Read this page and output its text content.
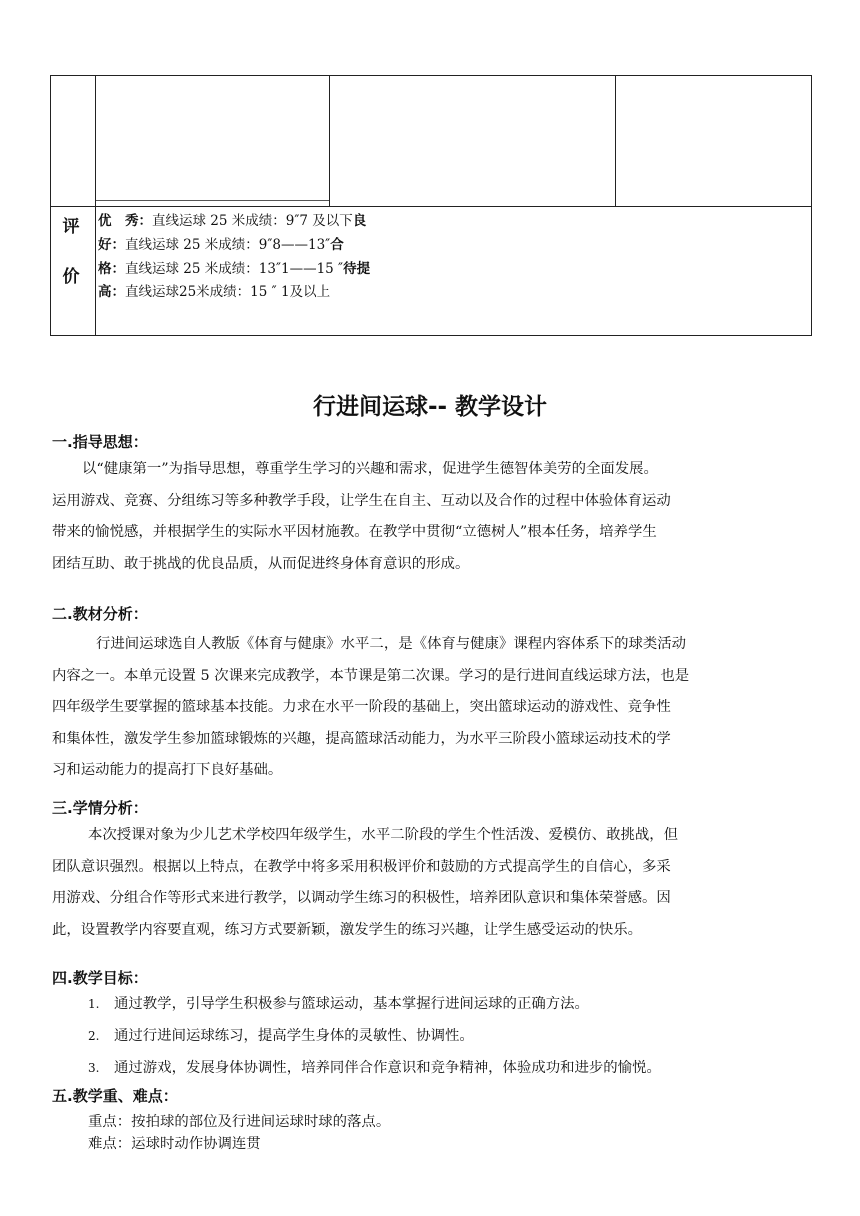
评
价
优　秀：直线运球 25 米成绩：9″7 及以下良
好：直线运球 25 米成绩：9″8——13″合
格：直线运球 25 米成绩：13″1——15 ″待提
高：直线运球25米成绩：15 ″ 1及以上
行进间运球-- 教学设计
一.指导思想：
以“健康第一”为指导思想，尊重学生学习的兴趣和需求，促进学生德智体美劳的全面发展。
运用游戏、竞赛、分组练习等多种教学手段，让学生在自主、互动以及合作的过程中体验体育运动
带来的愉悦感，并根据学生的实际水平因材施教。在教学中贯彻“立德树人”根本任务，培养学生
团结互助、敢于挑战的优良品质，从而促进终身体育意识的形成。
二.教材分析：
行进间运球选自人教版《体育与健康》水平二，是《体育与健康》课程内容体系下的球类活动
内容之一。本单元设置 5 次课来完成教学，本节课是第二次课。学习的是行进间直线运球方法，也是
四年级学生要掌握的篮球基本技能。力求在水平一阶段的基础上，突出篮球运动的游戏性、竞争性
和集体性，激发学生参加篮球锻炼的兴趣，提高篮球活动能力，为水平三阶段小篮球运动技术的学
习和运动能力的提高打下良好基础。
三.学情分析：
本次授课对象为少儿艺术学校四年级学生，水平二阶段的学生个性活泼、爱模仿、敢挑战，但
团队意识强烈。根据以上特点，在教学中将多采用积极评价和鼓励的方式提高学生的自信心，多采
用游戏、分组合作等形式来进行教学，以调动学生练习的积极性，培养团队意识和集体荣誉感。因
此，设置教学内容要直观，练习方式要新颖，激发学生的练习兴趣，让学生感受运动的快乐。
四.教学目标：
1. 通过教学，引导学生积极参与篮球运动，基本掌握行进间运球的正确方法。
2. 通过行进间运球练习，提高学生身体的灵敏性、协调性。
3. 通过游戏，发展身体协调性，培养同伴合作意识和竞争精神，体验成功和进步的愉悦。
五.教学重、难点：
重点：按拍球的部位及行进间运球时球的落点。
难点：运球时动作协调连贯
